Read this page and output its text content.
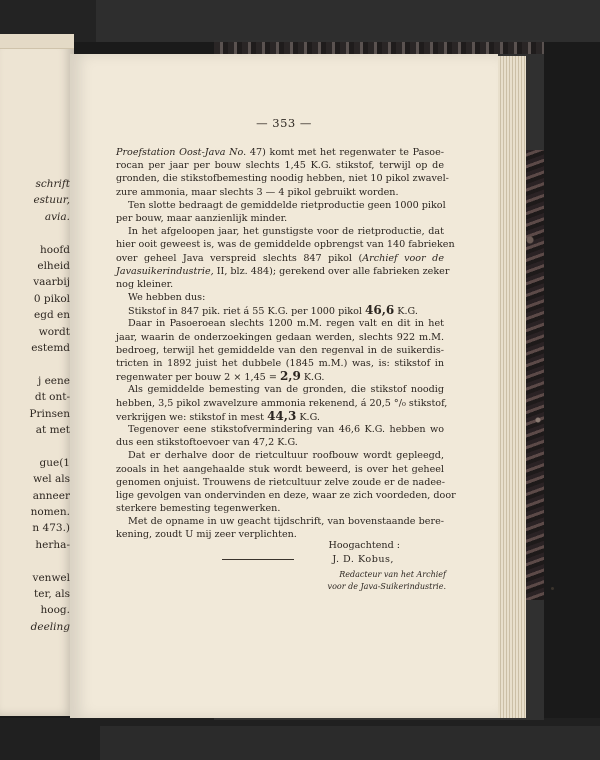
schrift
estuur,
avia.
hoofd
elheid
vaarbij
0 pikol
egd en
wordt
estemd
j eene
dt ont-
Prinsen
at met
gue(1
wel als
anneer
nomen.
n 473.)
herha-
venwel
ter, als
hoog.
deeling
— 353 —
Proefstation Oost-Java No. 47) komt met het regenwater te Pasoe-
rocan per jaar per bouw slechts 1,45 K.G. stikstof, terwijl op de
gronden, die stikstofbemesting noodig hebben, niet 10 pikol zwavel-
zure ammonia, maar slechts 3 — 4 pikol gebruikt worden.
Ten slotte bedraagt de gemiddelde rietproductie geen 1000 pikol
per bouw, maar aanzienlijk minder.
In het afgeloopen jaar, het gunstigste voor de rietproductie, dat
hier ooit geweest is, was de gemiddelde opbrengst van 140 fabrieken
over geheel Java verspreid slechts 847 pikol (Archief voor de
Javasuikerindustrie, II, blz. 484); gerekend over alle fabrieken zeker
nog kleiner.
We hebben dus:
Stikstof in 847 pik. riet á 55 K.G. per 1000 pikol 46,6 K.G.
Daar in Pasoeroean slechts 1200 m.M. regen valt en dit in het
jaar, waarin de onderzoekingen gedaan werden, slechts 922 m.M.
bedroeg, terwijl het gemiddelde van den regenval in de suikerdis-
tricten in 1892 juist het dubbele (1845 m.M.) was, is: stikstof in
regenwater per bouw 2 × 1,45 = 2,9 K.G.
Als gemiddelde bemesting van de gronden, die stikstof noodig
hebben, 3,5 pikol zwavelzure ammonia rekenend, á 20,5 °/₀ stikstof,
verkrijgen we: stikstof in mest 44,3 K.G.
Tegenover eene stikstofvermindering van 46,6 K.G. hebben wo
dus een stikstoftoevoer van 47,2 K.G.
Dat er derhalve door de rietcultuur roofbouw wordt gepleegd,
zooals in het aangehaalde stuk wordt beweerd, is over het geheel
genomen onjuist. Trouwens de rietcultuur zelve zoude er de nadee-
lige gevolgen van ondervinden en deze, waar ze zich voordeden, door
sterkere bemesting tegenwerken.
Met de opname in uw geacht tijdschrift, van bovenstaande bere-
kening, zoudt U mij zeer verplichten.
Hoogachtend :
J. D. Kobus,
Redacteur van het Archief
voor de Java-Suikerindustrie.
